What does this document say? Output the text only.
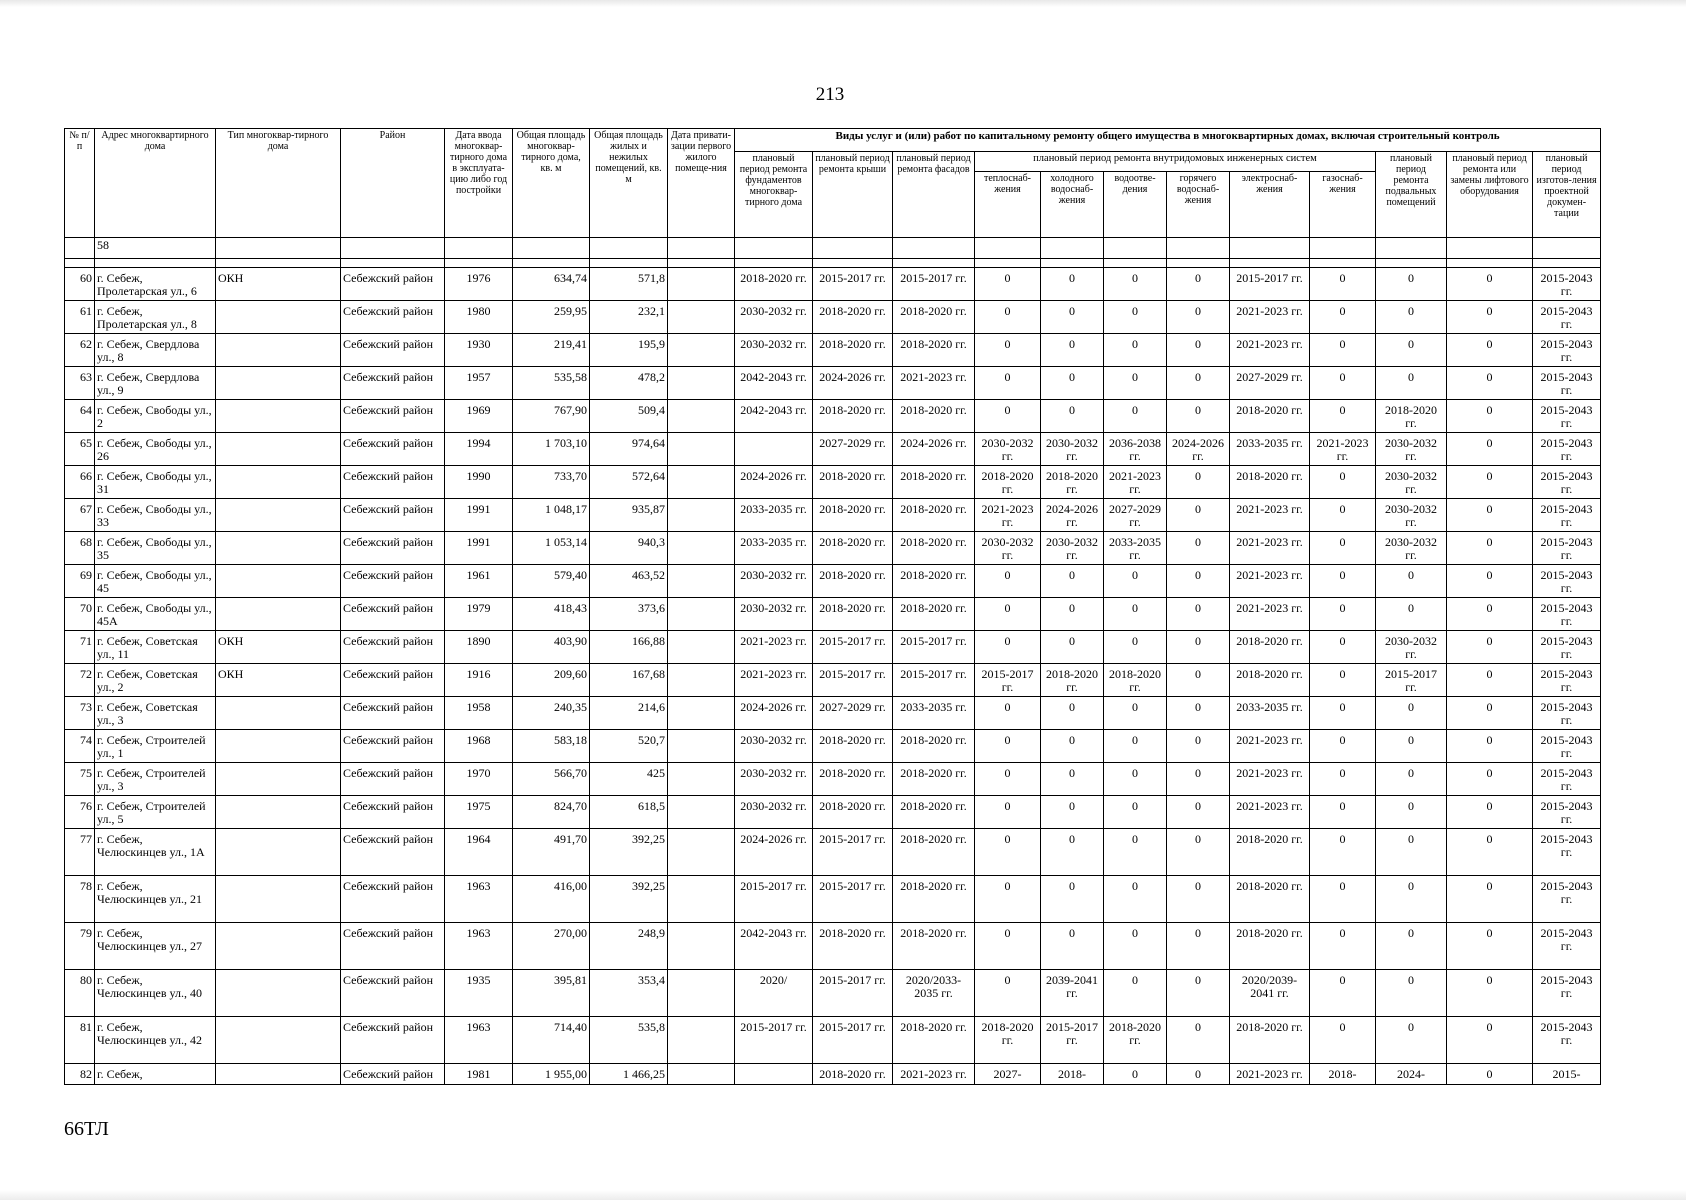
213
№ п/п	Адрес многоквартирного дома	Тип многоквар-тирного дома	Район	Дата ввода многоквар-тирного дома в эксплуата-цию либо год постройки	Общая площадь многоквар-тирного дома, кв. м	Общая площадь жилых и нежилых помещений, кв. м	Дата привати-зации первого жилого помеще-ния	Виды услуг и (или) работ по капитальному ремонту общего имущества в многоквартирных домах, включая строительный контроль											
								плановый период ремонта фундаментов многоквар-тирного дома	плановый период ремонта крыши	плановый период ремонта фасадов	плановый период ремонта внутридомовых инженерных систем						плановый период ремонта подвальных помещений	плановый период ремонта или замены лифтового оборудования	плановый период изготов-ления проектной докумен-тации
											теплоснаб-жения	холодного водоснаб-жения	водоотве-дения	горячего водоснаб-жения	электроснаб-жения	газоснаб-жения			
	58																		

60	г. Себеж, Пролетарская ул., 6	ОКН	Себежский район	1976	634,74	571,8		2018-2020 гг.	2015-2017 гг.	2015-2017 гг.	0	0	0	0	2015-2017 гг.	0	0	0	2015-2043 гг.
61	г. Себеж, Пролетарская ул., 8		Себежский район	1980	259,95	232,1		2030-2032 гг.	2018-2020 гг.	2018-2020 гг.	0	0	0	0	2021-2023 гг.	0	0	0	2015-2043 гг.
62	г. Себеж, Свердлова ул., 8		Себежский район	1930	219,41	195,9		2030-2032 гг.	2018-2020 гг.	2018-2020 гг.	0	0	0	0	2021-2023 гг.	0	0	0	2015-2043 гг.
63	г. Себеж, Свердлова ул., 9		Себежский район	1957	535,58	478,2		2042-2043 гг.	2024-2026 гг.	2021-2023 гг.	0	0	0	0	2027-2029 гг.	0	0	0	2015-2043 гг.
64	г. Себеж, Свободы ул., 2		Себежский район	1969	767,90	509,4		2042-2043 гг.	2018-2020 гг.	2018-2020 гг.	0	0	0	0	2018-2020 гг.	0	2018-2020 гг.	0	2015-2043 гг.
65	г. Себеж, Свободы ул., 26		Себежский район	1994	1 703,10	974,64			2027-2029 гг.	2024-2026 гг.	2030-2032 гг.	2030-2032 гг.	2036-2038 гг.	2024-2026 гг.	2033-2035 гг.	2021-2023 гг.	2030-2032 гг.	0	2015-2043 гг.
66	г. Себеж, Свободы ул., 31		Себежский район	1990	733,70	572,64		2024-2026 гг.	2018-2020 гг.	2018-2020 гг.	2018-2020 гг.	2018-2020 гг.	2021-2023 гг.	0	2018-2020 гг.	0	2030-2032 гг.	0	2015-2043 гг.
67	г. Себеж, Свободы ул., 33		Себежский район	1991	1 048,17	935,87		2033-2035 гг.	2018-2020 гг.	2018-2020 гг.	2021-2023 гг.	2024-2026 гг.	2027-2029 гг.	0	2021-2023 гг.	0	2030-2032 гг.	0	2015-2043 гг.
68	г. Себеж, Свободы ул., 35		Себежский район	1991	1 053,14	940,3		2033-2035 гг.	2018-2020 гг.	2018-2020 гг.	2030-2032 гг.	2030-2032 гг.	2033-2035 гг.	0	2021-2023 гг.	0	2030-2032 гг.	0	2015-2043 гг.
69	г. Себеж, Свободы ул., 45		Себежский район	1961	579,40	463,52		2030-2032 гг.	2018-2020 гг.	2018-2020 гг.	0	0	0	0	2021-2023 гг.	0	0	0	2015-2043 гг.
70	г. Себеж, Свободы ул., 45А		Себежский район	1979	418,43	373,6		2030-2032 гг.	2018-2020 гг.	2018-2020 гг.	0	0	0	0	2021-2023 гг.	0	0	0	2015-2043 гг.
71	г. Себеж, Советская ул., 11	ОКН	Себежский район	1890	403,90	166,88		2021-2023 гг.	2015-2017 гг.	2015-2017 гг.	0	0	0	0	2018-2020 гг.	0	2030-2032 гг.	0	2015-2043 гг.
72	г. Себеж, Советская ул., 2	ОКН	Себежский район	1916	209,60	167,68		2021-2023 гг.	2015-2017 гг.	2015-2017 гг.	2015-2017 гг.	2018-2020 гг.	2018-2020 гг.	0	2018-2020 гг.	0	2015-2017 гг.	0	2015-2043 гг.
73	г. Себеж, Советская ул., 3		Себежский район	1958	240,35	214,6		2024-2026 гг.	2027-2029 гг.	2033-2035 гг.	0	0	0	0	2033-2035 гг.	0	0	0	2015-2043 гг.
74	г. Себеж, Строителей ул., 1		Себежский район	1968	583,18	520,7		2030-2032 гг.	2018-2020 гг.	2018-2020 гг.	0	0	0	0	2021-2023 гг.	0	0	0	2015-2043 гг.
75	г. Себеж, Строителей ул., 3		Себежский район	1970	566,70	425		2030-2032 гг.	2018-2020 гг.	2018-2020 гг.	0	0	0	0	2021-2023 гг.	0	0	0	2015-2043 гг.
76	г. Себеж, Строителей ул., 5		Себежский район	1975	824,70	618,5		2030-2032 гг.	2018-2020 гг.	2018-2020 гг.	0	0	0	0	2021-2023 гг.	0	0	0	2015-2043 гг.
77	г. Себеж, Челюскинцев ул., 1А		Себежский район	1964	491,70	392,25		2024-2026 гг.	2015-2017 гг.	2018-2020 гг.	0	0	0	0	2018-2020 гг.	0	0	0	2015-2043 гг.
78	г. Себеж, Челюскинцев ул., 21		Себежский район	1963	416,00	392,25		2015-2017 гг.	2015-2017 гг.	2018-2020 гг.	0	0	0	0	2018-2020 гг.	0	0	0	2015-2043 гг.
79	г. Себеж, Челюскинцев ул., 27		Себежский район	1963	270,00	248,9		2042-2043 гг.	2018-2020 гг.	2018-2020 гг.	0	0	0	0	2018-2020 гг.	0	0	0	2015-2043 гг.
80	г. Себеж, Челюскинцев ул., 40		Себежский район	1935	395,81	353,4		2020/	2015-2017 гг.	2020/2033-2035 гг.	0	2039-2041 гг.	0	0	2020/2039-2041 гг.	0	0	0	2015-2043 гг.
81	г. Себеж, Челюскинцев ул., 42		Себежский район	1963	714,40	535,8		2015-2017 гг.	2015-2017 гг.	2018-2020 гг.	2018-2020 гг.	2015-2017 гг.	2018-2020 гг.	0	2018-2020 гг.	0	0	0	2015-2043 гг.
82	г. Себеж,		Себежский район	1981	1 955,00	1 466,25			2018-2020 гг.	2021-2023 гг.	2027-	2018-	0	0	2021-2023 гг.	2018-	2024-	0	2015-
66ТЛ
